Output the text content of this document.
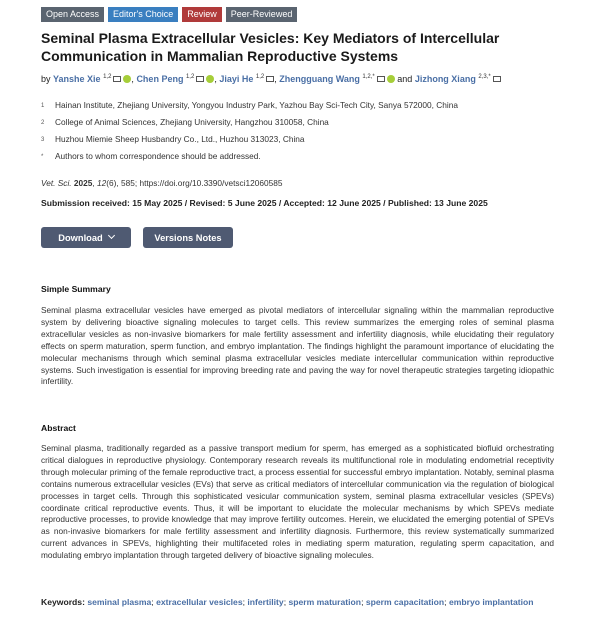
Open Access	Editor's Choice	Review	Peer-Reviewed
Seminal Plasma Extracellular Vesicles: Key Mediators of Intercellular Communication in Mammalian Reproductive Systems
by Yanshe Xie $^{1,2}$ , Chen Peng $^{1,2}$ , Jiayi He $^{1,2}$ , Zhengguang Wang $^{1,2,*}$	and Jizhong Xiang $^{2,3,*}$
1	Hainan Institute, Zhejiang University, Yongyou Industry Park, Yazhou Bay Sci-Tech City, Sanya 572000, China
2	College of Animal Sciences, Zhejiang University, Hangzhou 310058, China
3	Huzhou Miemie Sheep Husbandry Co., Ltd., Huzhou 313023, China
*	Authors to whom correspondence should be addressed.
Vet. Sci. 2025, 12(6), 585; https://doi.org/10.3390/vetsci12060585
Submission received: 15 May 2025 / Revised: 5 June 2025 / Accepted: 12 June 2025 / Published: 13 June 2025
Download	Versions Notes
Simple Summary

Seminal plasma extracellular vesicles have emerged as pivotal mediators of intercellular signaling within the mammalian reproductive system by delivering bioactive signaling molecules to target cells. This review summarizes the emerging roles of seminal plasma extracellular vesicles as non-invasive biomarkers for male fertility assessment and infertility diagnosis, while elucidating their regulatory effects on sperm maturation, sperm function, and embryo implantation. The findings highlight the paramount importance of elucidating the molecular mechanisms through which seminal plasma extracellular vesicles mediate intercellular communication within reproductive systems. Such investigation is essential for improving breeding rate and paving the way for novel therapeutic strategies targeting idiopathic infertility.

Abstract

Seminal plasma, traditionally regarded as a passive transport medium for sperm, has emerged as a sophisticated biofluid orchestrating critical dialogues in reproductive physiology. Contemporary research reveals its multifunctional role in modulating endometrial receptivity through molecular priming of the female reproductive tract, a process essential for successful embryo implantation. Notably, seminal plasma contains numerous extracellular vesicles (EVs) that serve as critical mediators of intercellular communication via the regulation of biological processes in target cells. Through this sophisticated vesicular communication system, seminal plasma extracellular vesicles (SPEVs) coordinate critical reproductive events. Thus, it will be important to elucidate the molecular mechanisms by which SPEVs mediate reproductive processes, to provide knowledge that may improve fertility outcomes. Herein, we elucidated the emerging potential of SPEVs as non-invasive biomarkers for male fertility assessment and infertility diagnosis. Furthermore, this review systematically summarized current advances in SPEVs, highlighting their multifaceted roles in mediating sperm maturation, regulating sperm capacitation, and modulating embryo implantation through targeted delivery of bioactive signaling molecules.

Keywords: seminal plasma; extracellular vesicles; infertility; sperm maturation; sperm capacitation; embryo implantation
